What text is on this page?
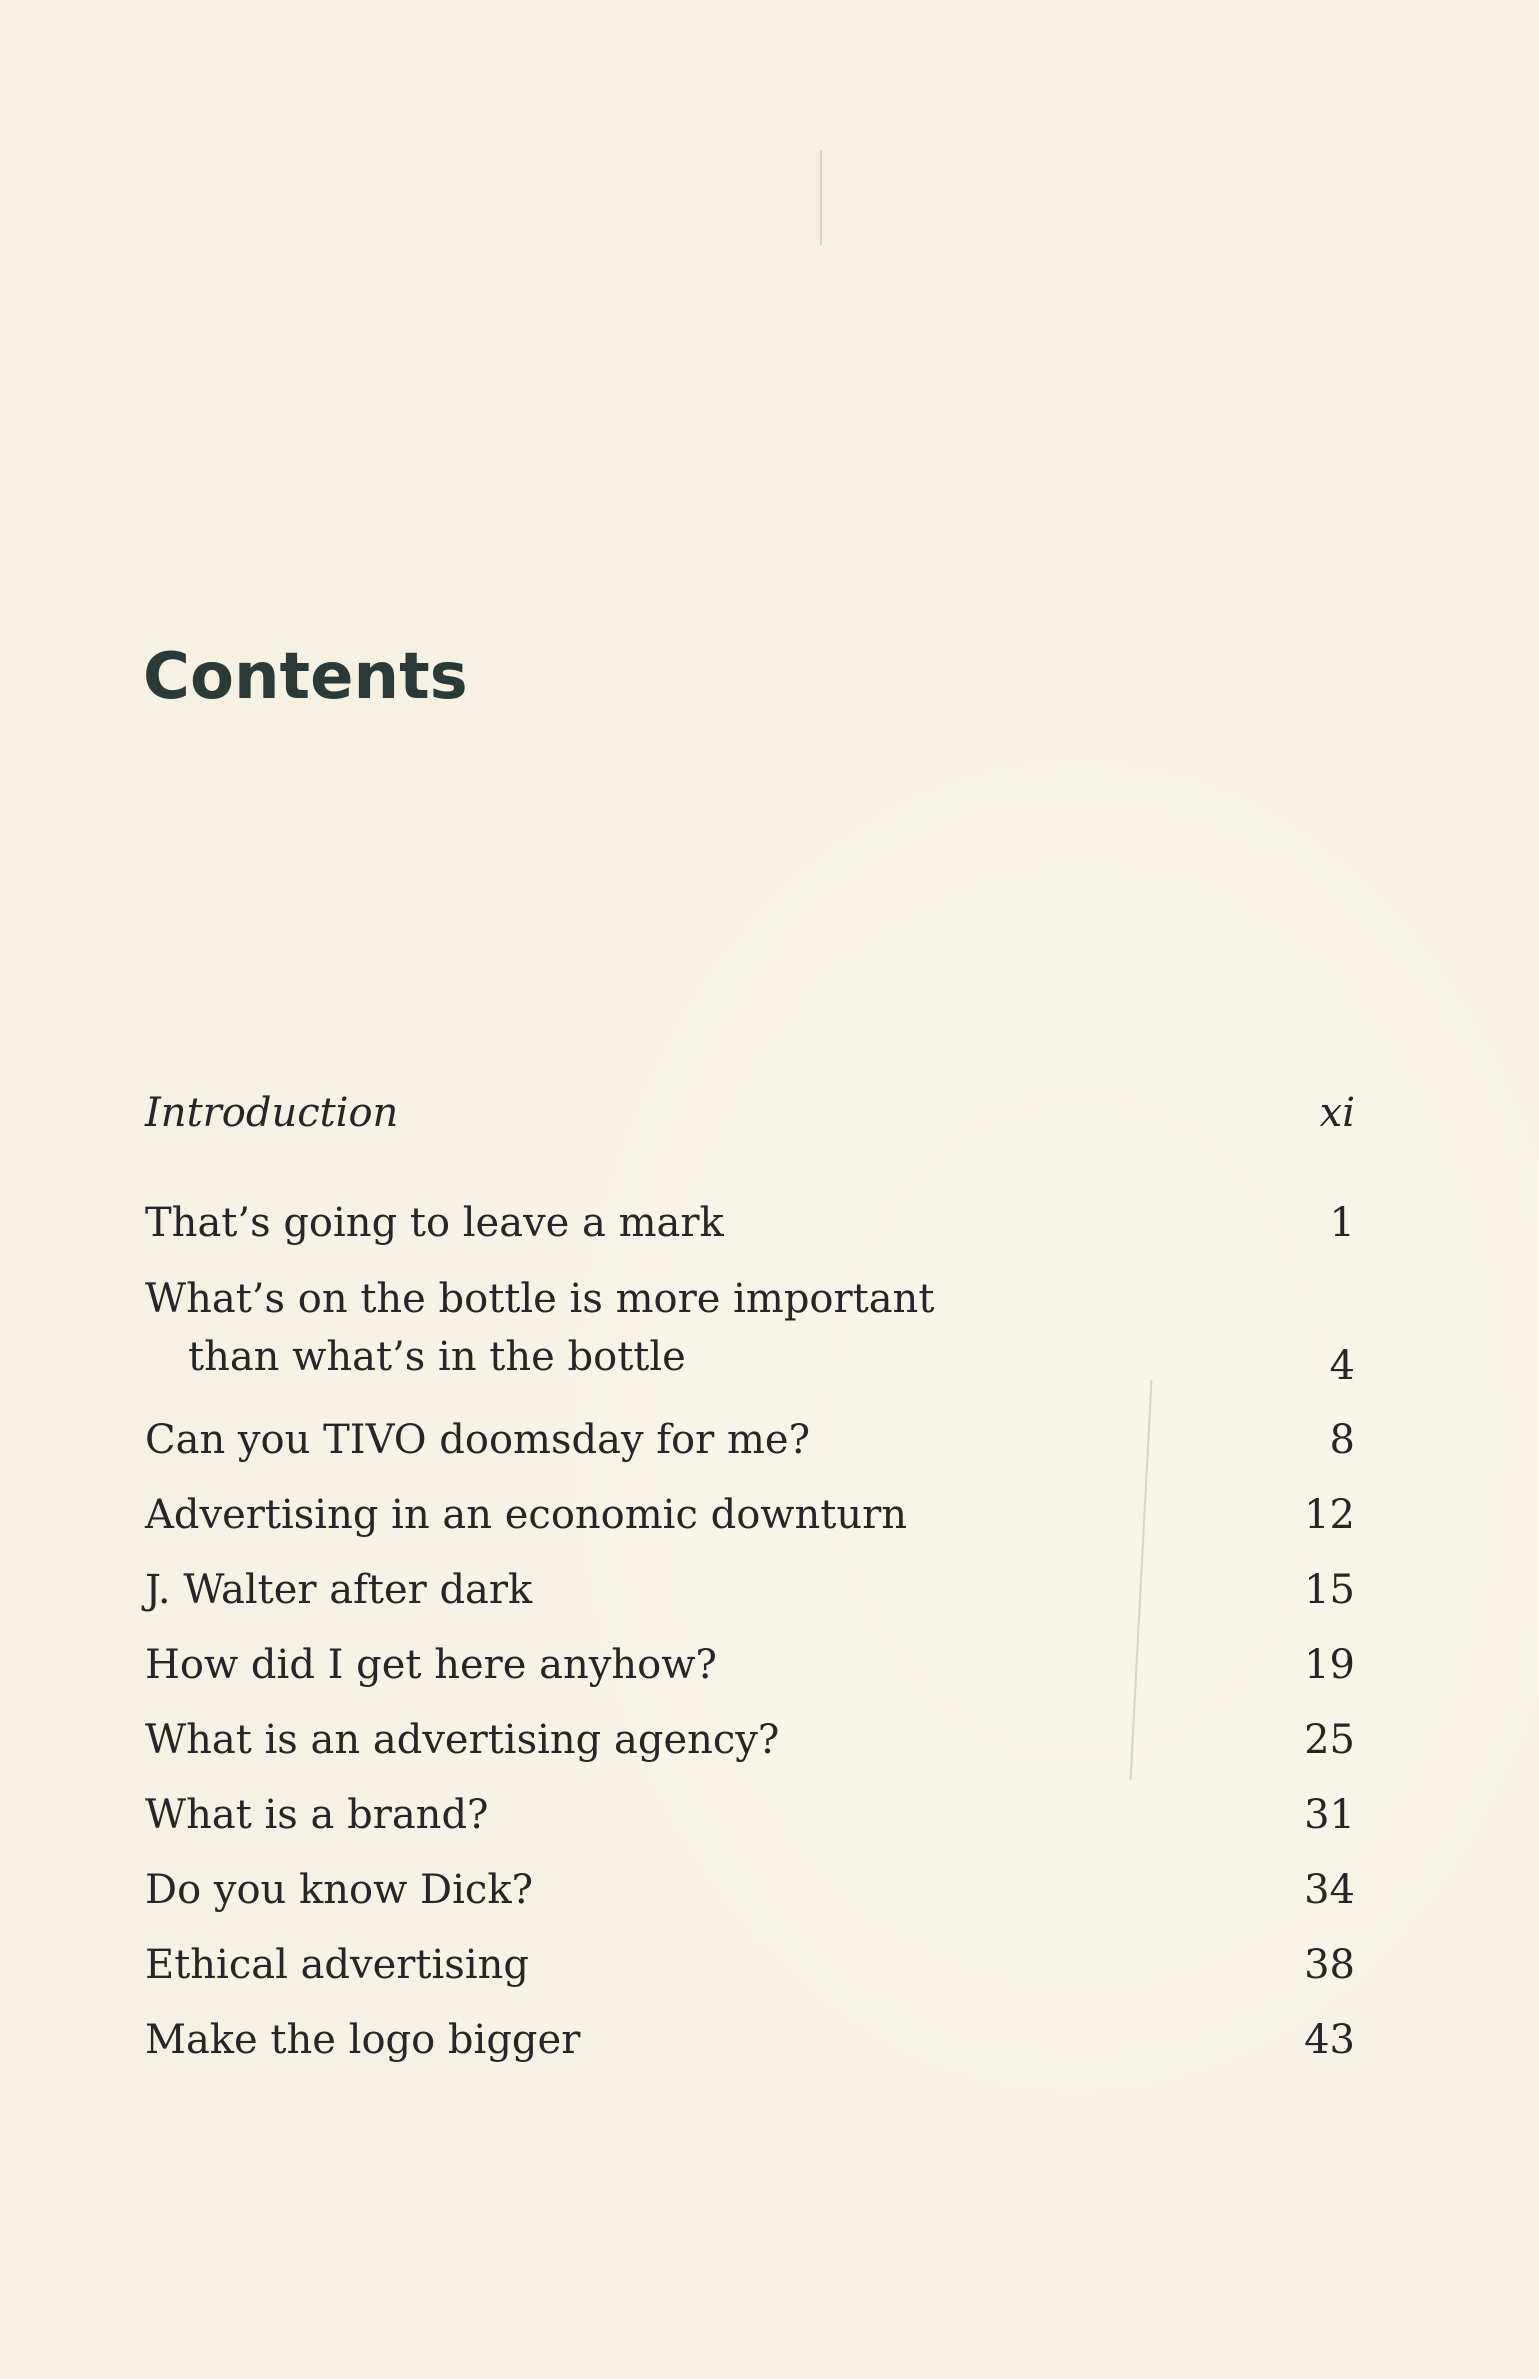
Contents
Introduction	xi
That’s going to leave a mark	1
What’s on the bottle is more important
than what’s in the bottle	4
Can you TIVO doomsday for me?	8
Advertising in an economic downturn	12
J. Walter after dark	15
How did I get here anyhow?	19
What is an advertising agency?	25
What is a brand?	31
Do you know Dick?	34
Ethical advertising	38
Make the logo bigger	43
